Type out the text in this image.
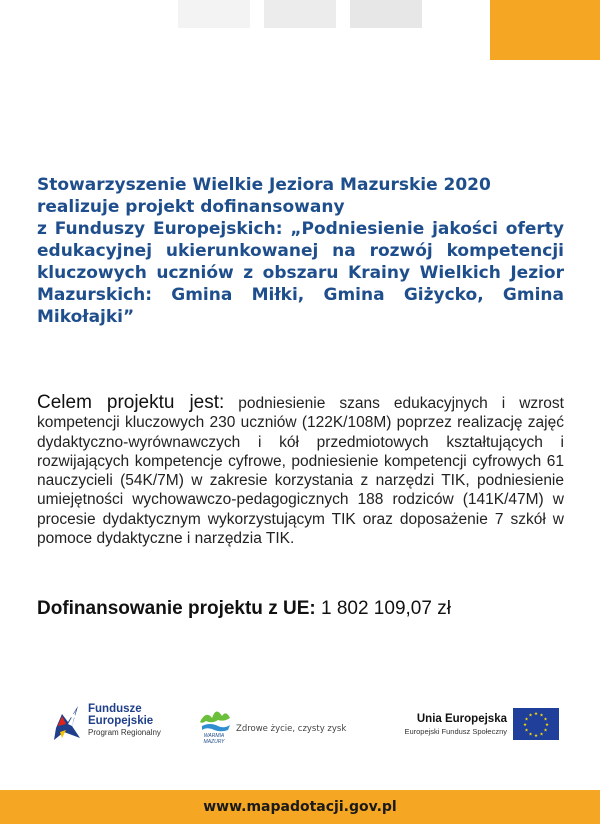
Stowarzyszenie Wielkie Jeziora Mazurskie 2020
realizuje projekt dofinansowany
z Funduszy Europejskich: „Podniesienie jakości oferty
edukacyjnej ukierunkowanej na rozwój kompetencji
kluczowych uczniów z obszaru Krainy Wielkich Jezior
Mazurskich: Gmina Miłki, Gmina Giżycko, Gmina
Mikołajki”

Celem projektu jest: podniesienie szans edukacyjnych i wzrost kompetencji kluczowych 230 uczniów (122K/108M) poprzez realizację zajęć dydaktyczno-wyrównawczych i kół przedmiotowych kształtujących i rozwijających kompetencje cyfrowe, podniesienie kompetencji cyfrowych 61 nauczycieli (54K/7M) w zakresie korzystania z narzędzi TIK, podniesienie umiejętności wychowawczo-pedagogicznych 188 rodziców (141K/47M) w procesie dydaktycznym wykorzystującym TIK oraz doposażenie 7 szkół w pomoce dydaktyczne i narzędzia TIK.

Dofinansowanie projektu z UE: 1 802 109,07 zł

Fundusze
Europejskie
Program Regionalny	WARMIA
MAZURY
Zdrowe życie, czysty zysk
Unia Europejska
Europejski Fundusz Społeczny
★ ★
★
★
★
★
★
★
★
★
★
★
www.mapadotacji.gov.pl
